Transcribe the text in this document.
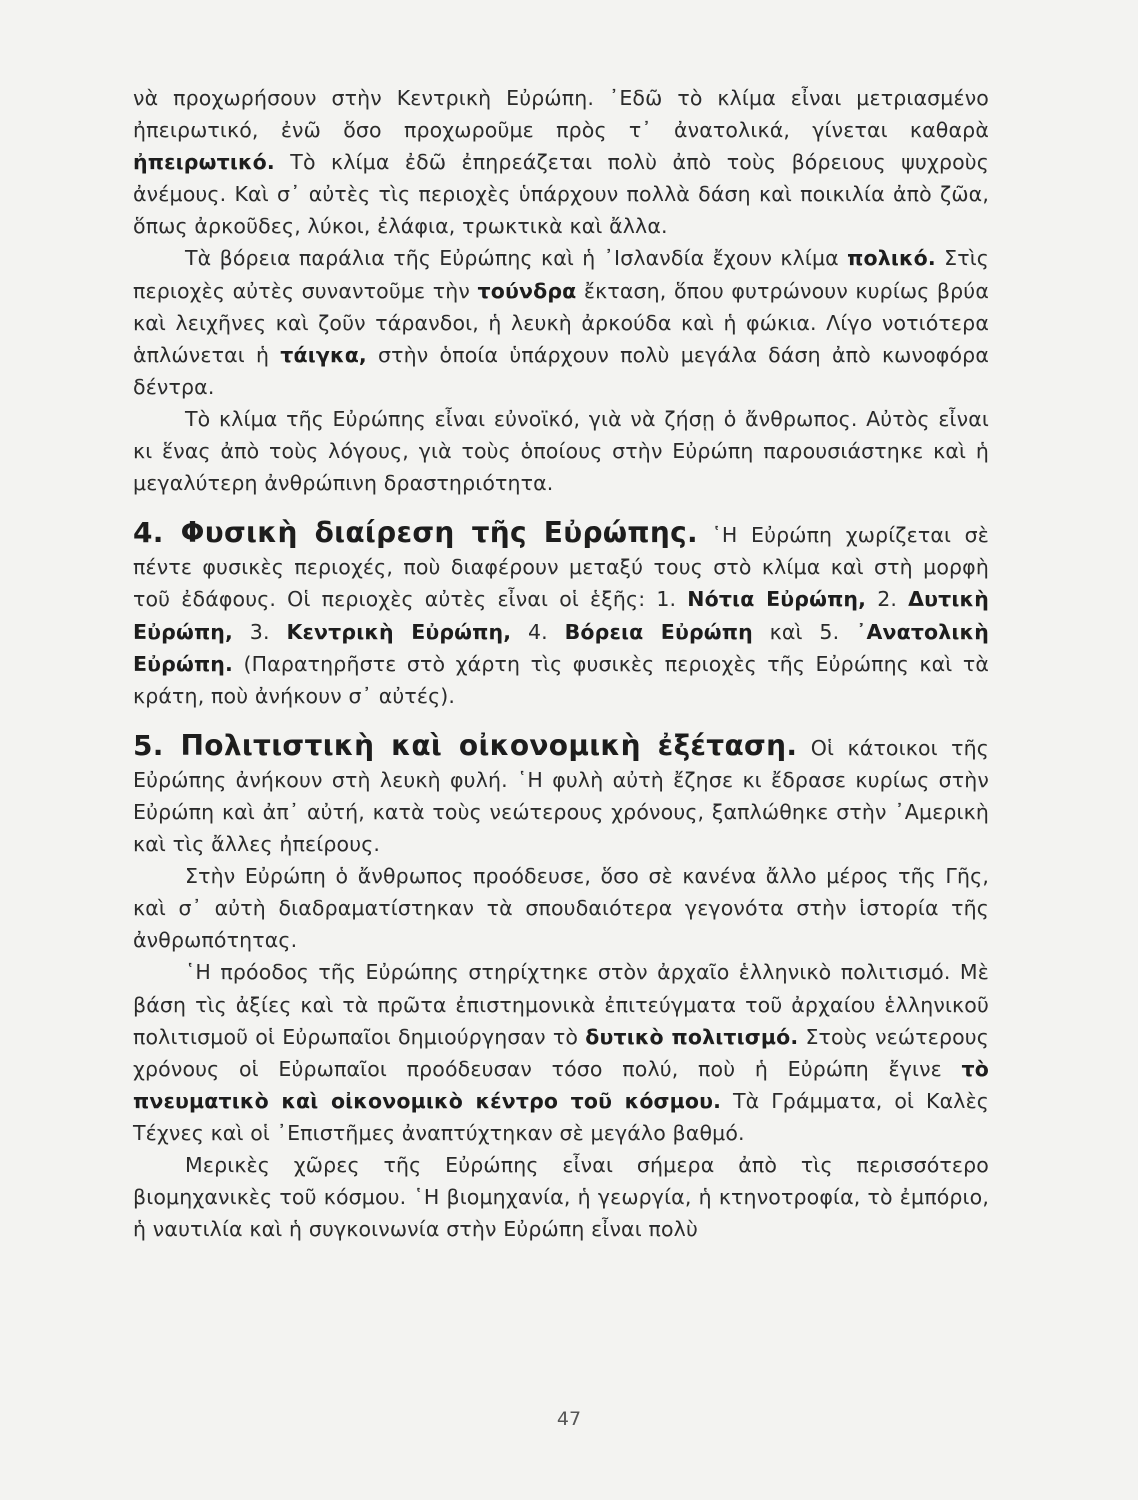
νὰ προχωρήσουν στὴν Κεντρικὴ Εὐρώπη. ᾿Εδῶ τὸ κλίμα εἶναι μετριασμένο ἠπειρωτικό, ἐνῶ ὅσο προχωροῦμε πρὸς τ᾿ ἀνατολικά, γίνεται καθαρὰ ἠπειρωτικό. Τὸ κλίμα ἐδῶ ἐπηρεάζεται πολὺ ἀπὸ τοὺς βόρειους ψυχροὺς ἀνέμους. Καὶ σ᾿ αὐτὲς τὶς περιοχὲς ὑπάρχουν πολλὰ δάση καὶ ποικιλία ἀπὸ ζῶα, ὅπως ἀρκοῦδες, λύκοι, ἐλάφια, τρωκτικὰ καὶ ἄλλα.

Τὰ βόρεια παράλια τῆς Εὐρώπης καὶ ἡ ᾿Ισλανδία ἔχουν κλίμα πολικό. Στὶς περιοχὲς αὐτὲς συναντοῦμε τὴν τούνδρα ἔκταση, ὅπου φυτρώνουν κυρίως βρύα καὶ λειχῆνες καὶ ζοῦν τάρανδοι, ἡ λευκὴ ἀρκούδα καὶ ἡ φώκια. Λίγο νοτιότερα ἁπλώνεται ἡ τάιγκα, στὴν ὁποία ὑπάρχουν πολὺ μεγάλα δάση ἀπὸ κωνοφόρα δέντρα.

Τὸ κλίμα τῆς Εὐρώπης εἶναι εὐνοϊκό, γιὰ νὰ ζήσῃ ὁ ἄνθρωπος. Αὐτὸς εἶναι κι ἕνας ἀπὸ τοὺς λόγους, γιὰ τοὺς ὁποίους στὴν Εὐρώπη παρουσιάστηκε καὶ ἡ μεγαλύτερη ἀνθρώπινη δραστηριότητα.

4. Φυσικὴ διαίρεση τῆς Εὐρώπης. ῾Η Εὐρώπη χωρίζεται σὲ πέντε φυσικὲς περιοχές, ποὺ διαφέρουν μεταξύ τους στὸ κλίμα καὶ στὴ μορφὴ τοῦ ἐδάφους. Οἱ περιοχὲς αὐτὲς εἶναι οἱ ἑξῆς: 1. Νότια Εὐρώπη, 2. Δυτικὴ Εὐρώπη, 3. Κεντρικὴ Εὐρώπη, 4. Βόρεια Εὐρώπη καὶ 5. ᾿Ανατολικὴ Εὐρώπη. (Παρατηρῆστε στὸ χάρτη τὶς φυσικὲς περιοχὲς τῆς Εὐρώπης καὶ τὰ κράτη, ποὺ ἀνήκουν σ᾿ αὐτές).

5. Πολιτιστικὴ καὶ οἰκονομικὴ ἐξέταση. Οἱ κάτοικοι τῆς Εὐρώπης ἀνήκουν στὴ λευκὴ φυλή. ῾Η φυλὴ αὐτὴ ἔζησε κι ἔδρασε κυρίως στὴν Εὐρώπη καὶ ἀπ᾿ αὐτή, κατὰ τοὺς νεώτερους χρόνους, ξαπλώθηκε στὴν ᾿Αμερικὴ καὶ τὶς ἄλλες ἠπείρους.

Στὴν Εὐρώπη ὁ ἄνθρωπος προόδευσε, ὅσο σὲ κανένα ἄλλο μέρος τῆς Γῆς, καὶ σ᾿ αὐτὴ διαδραματίστηκαν τὰ σπουδαιότερα γεγονότα στὴν ἱστορία τῆς ἀνθρωπότητας.

῾Η πρόοδος τῆς Εὐρώπης στηρίχτηκε στὸν ἀρχαῖο ἑλληνικὸ πολιτισμό. Μὲ βάση τὶς ἀξίες καὶ τὰ πρῶτα ἐπιστημονικὰ ἐπιτεύγματα τοῦ ἀρχαίου ἑλληνικοῦ πολιτισμοῦ οἱ Εὐρωπαῖοι δημιούργησαν τὸ δυτικὸ πολιτισμό. Στοὺς νεώτερους χρόνους οἱ Εὐρωπαῖοι προόδευσαν τόσο πολύ, ποὺ ἡ Εὐρώπη ἔγινε τὸ πνευματικὸ καὶ οἰκονομικὸ κέντρο τοῦ κόσμου. Τὰ Γράμματα, οἱ Καλὲς Τέχνες καὶ οἱ ᾿Επιστῆμες ἀναπτύχτηκαν σὲ μεγάλο βαθμό.

Μερικὲς χῶρες τῆς Εὐρώπης εἶναι σήμερα ἀπὸ τὶς περισσότερο βιομηχανικὲς τοῦ κόσμου. ῾Η βιομηχανία, ἡ γεωργία, ἡ κτηνοτροφία, τὸ ἐμπόριο, ἡ ναυτιλία καὶ ἡ συγκοινωνία στὴν Εὐρώπη εἶναι πολὺ

47
